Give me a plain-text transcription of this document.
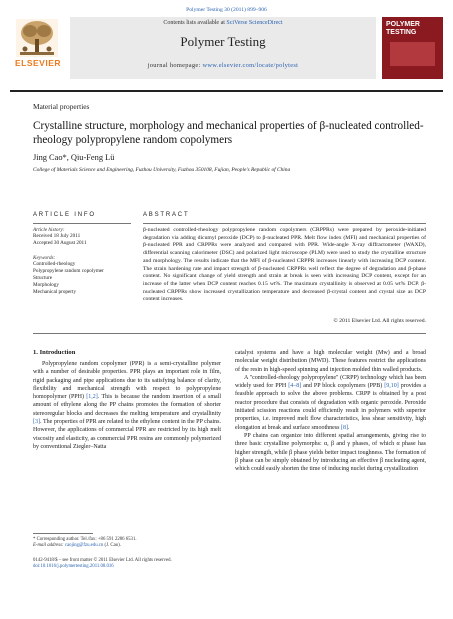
Polymer Testing 30 (2011) 899–906
ELSEVIER
Contents lists available at SciVerse ScienceDirect
Polymer Testing
journal homepage: www.elsevier.com/locate/polytest
POLYMER TESTING
Material properties
Crystalline structure, morphology and mechanical properties of β-nucleated controlled-rheology polypropylene random copolymers
Jing Cao*, Qiu-Feng Lü
College of Materials Science and Engineering, Fuzhou University, Fuzhou 350108, Fujian, People's Republic of China
ARTICLE INFO	ABSTRACT
Article history:
Received 18 July 2011
Accepted 30 August 2011
Keywords:
Controlled-rheology
Polypropylene random copolymer
Structure
Morphology
Mechanical property
β-nucleated controlled-rheology polypropylene random copolymers (CRPPRs) were prepared by peroxide-initiated degradation via adding dicumyl peroxide (DCP) to β-nucleated PPR. Melt flow index (MFI) and mechanical properties of β-nucleated PPR and CRPPRs were analyzed and compared with PPR. Wide-angle X-ray diffractometer (WAXD), differential scanning calorimeter (DSC) and polarized light microscope (PLM) were used to study the crystalline structure and morphology. The results indicate that the MFI of β-nucleated CRPPR increases linearly with increasing DCP content. The strain hardening rate and impact strength of β-nucleated CRPPRs well reflect the degree of degradation and β-phase content. No significant change of yield strength and strain at break is seen with increasing DCP content, except for an increase of the latter when DCP content reaches 0.15 wt%. The maximum crystallinity is observed at 0.05 wt% DCP. β-nucleated CRPPRs show increased crystallization temperature and decreased β-crystal content and crystal size as DCP content increases.
© 2011 Elsevier Ltd. All rights reserved.
1. Introduction

Polypropylene random copolymer (PPR) is a semi-crystalline polymer with a number of desirable properties. PPR plays an important role in film, rigid packaging and pipe applications due to its satisfying balance of clarity, flexibility and mechanical strength with respect to polypropylene homopolymer (PPH) [1,2]. This is because the random insertion of a small amount of ethylene along the PP chains promotes the formation of shorter stereoregular blocks and decreases the melting temperature and crystallinity [3]. The properties of PPR are related to the ethylene content in the PP chains. However, the applications of commercial PPR are restricted by its high melt viscosity and elasticity, as commercial PPR resins are commonly polymerized by conventional Ziegler–Natta

catalyst systems and have a high molecular weight (Mw) and a broad molecular weight distribution (MWD). These features restrict the applications of the resin in high-speed spinning and injection molded thin walled products.

A "controlled-rheology polypropylene" (CRPP) technology which has been widely used for PPH [4–8] and PP block copolymers (PPB) [9,10] provides a feasible approach to solve the above problems. CRPP is obtained by a post reactor procedure that consists of degradation with organic peroxide. Peroxide initiated scission reactions could efficiently result in polymers with superior properties, i.e. improved melt flow characteristics, less shear sensitivity, high elongation at break and surface smoothness [8].

PP chains can organize into different spatial arrangements, giving rise to three basic crystalline polymorphs: α, β and γ phases, of which α phase has higher strength, while β phase yields better impact toughness. The formation of β phase can be simply obtained by introducing an effective β nucleating agent, which could easily shorten the time of inducing nuclei during crystallization

* Corresponding author. Tel./fax: +86 591 2286 6531.
E-mail address: caojing@fzu.edu.cn (J. Cao).
0142-9418/$ – see front matter © 2011 Elsevier Ltd. All rights reserved.
doi:10.1016/j.polymertesting.2011.08.016
